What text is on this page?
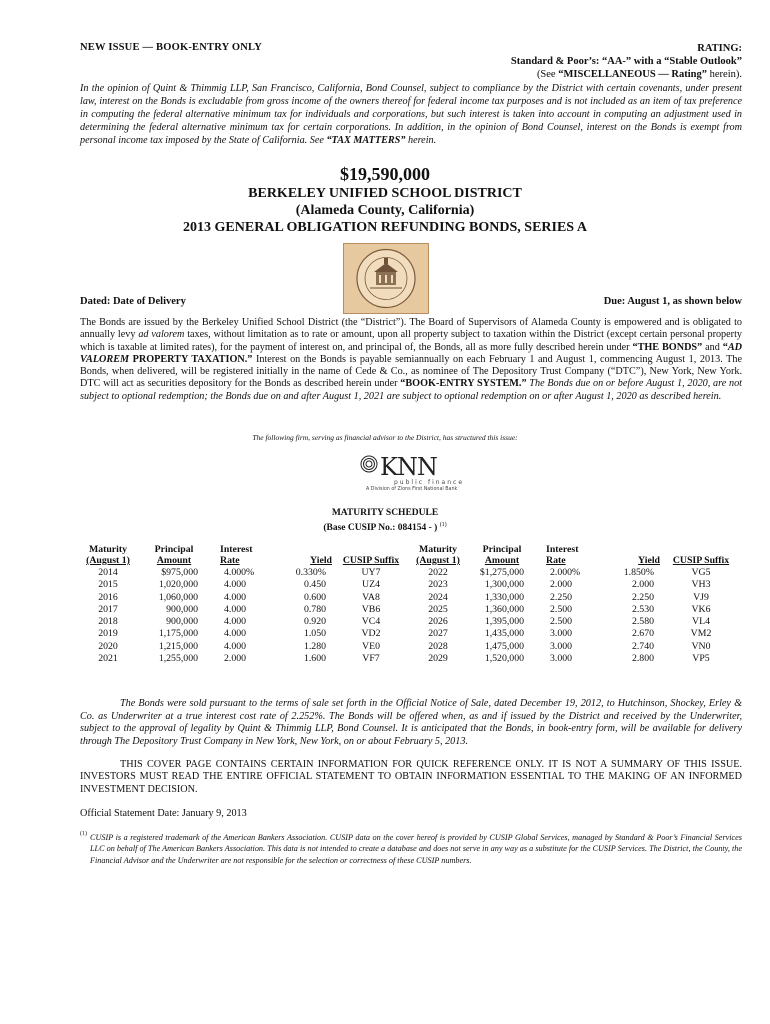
NEW ISSUE — BOOK-ENTRY ONLY	RATING:
Standard & Poor’s: “AA-” with a “Stable Outlook”
(See “MISCELLANEOUS — Rating” herein).
In the opinion of Quint & Thimmig LLP, San Francisco, California, Bond Counsel, subject to compliance by the District with certain covenants, under present law, interest on the Bonds is excludable from gross income of the owners thereof for federal income tax purposes and is not included as an item of tax preference in computing the federal alternative minimum tax for individuals and corporations, but such interest is taken into account in computing an adjustment used in determining the federal alternative minimum tax for certain corporations. In addition, in the opinion of Bond Counsel, interest on the Bonds is exempt from personal income tax imposed by the State of California. See “TAX MATTERS” herein.
$19,590,000
BERKELEY UNIFIED SCHOOL DISTRICT
(Alameda County, California)
2013 GENERAL OBLIGATION REFUNDING BONDS, SERIES A
Dated: Date of Delivery	Due: August 1, as shown below
The Bonds are issued by the Berkeley Unified School District (the “District”). The Board of Supervisors of Alameda County is empowered and is obligated to annually levy ad valorem taxes, without limitation as to rate or amount, upon all property subject to taxation within the District (except certain personal property which is taxable at limited rates), for the payment of interest on, and principal of, the Bonds, all as more fully described herein under “THE BONDS” and “AD VALOREM PROPERTY TAXATION.” Interest on the Bonds is payable semiannually on each February 1 and August 1, commencing August 1, 2013. The Bonds, when delivered, will be registered initially in the name of Cede & Co., as nominee of The Depository Trust Company (“DTC”), New York, New York. DTC will act as securities depository for the Bonds as described herein under “BOOK-ENTRY SYSTEM.” The Bonds due on or before August 1, 2020, are not subject to optional redemption; the Bonds due on and after August 1, 2021 are subject to optional redemption on or after August 1, 2020 as described herein.
The following firm, serving as financial advisor to the District, has structured this issue:
KNN
public finance
A Division of Zions First National Bank
MATURITY SCHEDULE
(Base CUSIP No.: 084154 - ) $^{(1)}$
Maturity
(August 1)	Principal
Amount	Interest
Rate	Yield	CUSIP Suffix	Maturity
(August 1)	Principal
Amount	Interest
Rate	Yield	CUSIP Suffix
2014	$975,000	4.000%	0.330%	UY7	2022	$1,275,000	2.000%	1.850%	VG5
2015	1,020,000	4.000	0.450	UZ4	2023	1,300,000	2.000	2.000	VH3
2016	1,060,000	4.000	0.600	VA8	2024	1,330,000	2.250	2.250	VJ9
2017	900,000	4.000	0.780	VB6	2025	1,360,000	2.500	2.530	VK6
2018	900,000	4.000	0.920	VC4	2026	1,395,000	2.500	2.580	VL4
2019	1,175,000	4.000	1.050	VD2	2027	1,435,000	3.000	2.670	VM2
2020	1,215,000	4.000	1.280	VE0	2028	1,475,000	3.000	2.740	VN0
2021	1,255,000	2.000	1.600	VF7	2029	1,520,000	3.000	2.800	VP5
The Bonds were sold pursuant to the terms of sale set forth in the Official Notice of Sale, dated December 19, 2012, to Hutchinson, Shockey, Erley & Co. as Underwriter at a true interest cost rate of 2.252%. The Bonds will be offered when, as and if issued by the District and received by the Underwriter, subject to the approval of legality by Quint & Thimmig LLP, Bond Counsel. It is anticipated that the Bonds, in book-entry form, will be available for delivery through The Depository Trust Company in New York, New York, on or about February 5, 2013.
THIS COVER PAGE CONTAINS CERTAIN INFORMATION FOR QUICK REFERENCE ONLY. IT IS NOT A SUMMARY OF THIS ISSUE. INVESTORS MUST READ THE ENTIRE OFFICIAL STATEMENT TO OBTAIN INFORMATION ESSENTIAL TO THE MAKING OF AN INFORMED INVESTMENT DECISION.
Official Statement Date: January 9, 2013
(1) CUSIP is a registered trademark of the American Bankers Association. CUSIP data on the cover hereof is provided by CUSIP Global Services, managed by Standard & Poor’s Financial Services LLC on behalf of The American Bankers Association. This data is not intended to create a database and does not serve in any way as a substitute for the CUSIP Services. The District, the County, the Financial Advisor and the Underwriter are not responsible for the selection or correctness of these CUSIP numbers.
